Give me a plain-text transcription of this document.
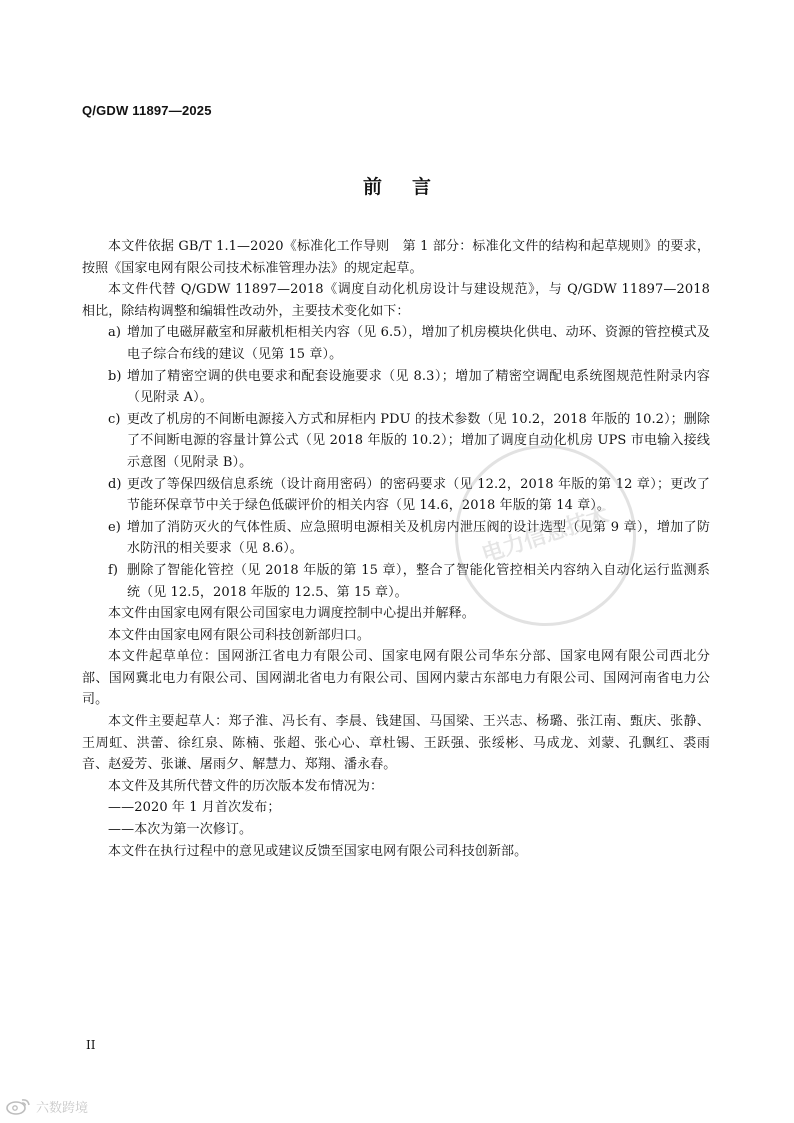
Q/GDW 11897—2025

前言

本文件依据 GB/T 1.1—2020《标准化工作导则　第 1 部分：标准化文件的结构和起草规则》的要求，按照《国家电网有限公司技术标准管理办法》的规定起草。

本文件代替 Q/GDW 11897—2018《调度自动化机房设计与建设规范》，与 Q/GDW 11897—2018 相比，除结构调整和编辑性改动外，主要技术变化如下：

a) 增加了电磁屏蔽室和屏蔽机柜相关内容（见 6.5），增加了机房模块化供电、动环、资源的管控模式及电子综合布线的建议（见第 15 章）。

b) 增加了精密空调的供电要求和配套设施要求（见 8.3）；增加了精密空调配电系统图规范性附录内容（见附录 A）。

c) 更改了机房的不间断电源接入方式和屏柜内 PDU 的技术参数（见 10.2，2018 年版的 10.2）；删除了不间断电源的容量计算公式（见 2018 年版的 10.2）；增加了调度自动化机房 UPS 市电输入接线示意图（见附录 B）。

d) 更改了等保四级信息系统（设计商用密码）的密码要求（见 12.2，2018 年版的第 12 章）；更改了节能环保章节中关于绿色低碳评价的相关内容（见 14.6，2018 年版的第 14 章）。

e) 增加了消防灭火的气体性质、应急照明电源相关及机房内泄压阀的设计选型（见第 9 章），增加了防水防汛的相关要求（见 8.6）。

f) 删除了智能化管控（见 2018 年版的第 15 章），整合了智能化管控相关内容纳入自动化运行监测系统（见 12.5，2018 年版的 12.5、第 15 章）。

本文件由国家电网有限公司国家电力调度控制中心提出并解释。

本文件由国家电网有限公司科技创新部归口。

本文件起草单位：国网浙江省电力有限公司、国家电网有限公司华东分部、国家电网有限公司西北分部、国网冀北电力有限公司、国网湖北省电力有限公司、国网内蒙古东部电力有限公司、国网河南省电力公司。

本文件主要起草人：郑子淮、冯长有、李晨、钱建国、马国梁、王兴志、杨璐、张江南、甄庆、张静、王周虹、洪蕾、徐红泉、陈楠、张超、张心心、章杜锡、王跃强、张绥彬、马成龙、刘蒙、孔飘红、裘雨音、赵爱芳、张谦、屠雨夕、解慧力、郑翔、潘永春。

本文件及其所代替文件的历次版本发布情况为：

——2020 年 1 月首次发布；

——本次为第一次修订。

本文件在执行过程中的意见或建议反馈至国家电网有限公司科技创新部。

电力信息技术

II

六数跨境
